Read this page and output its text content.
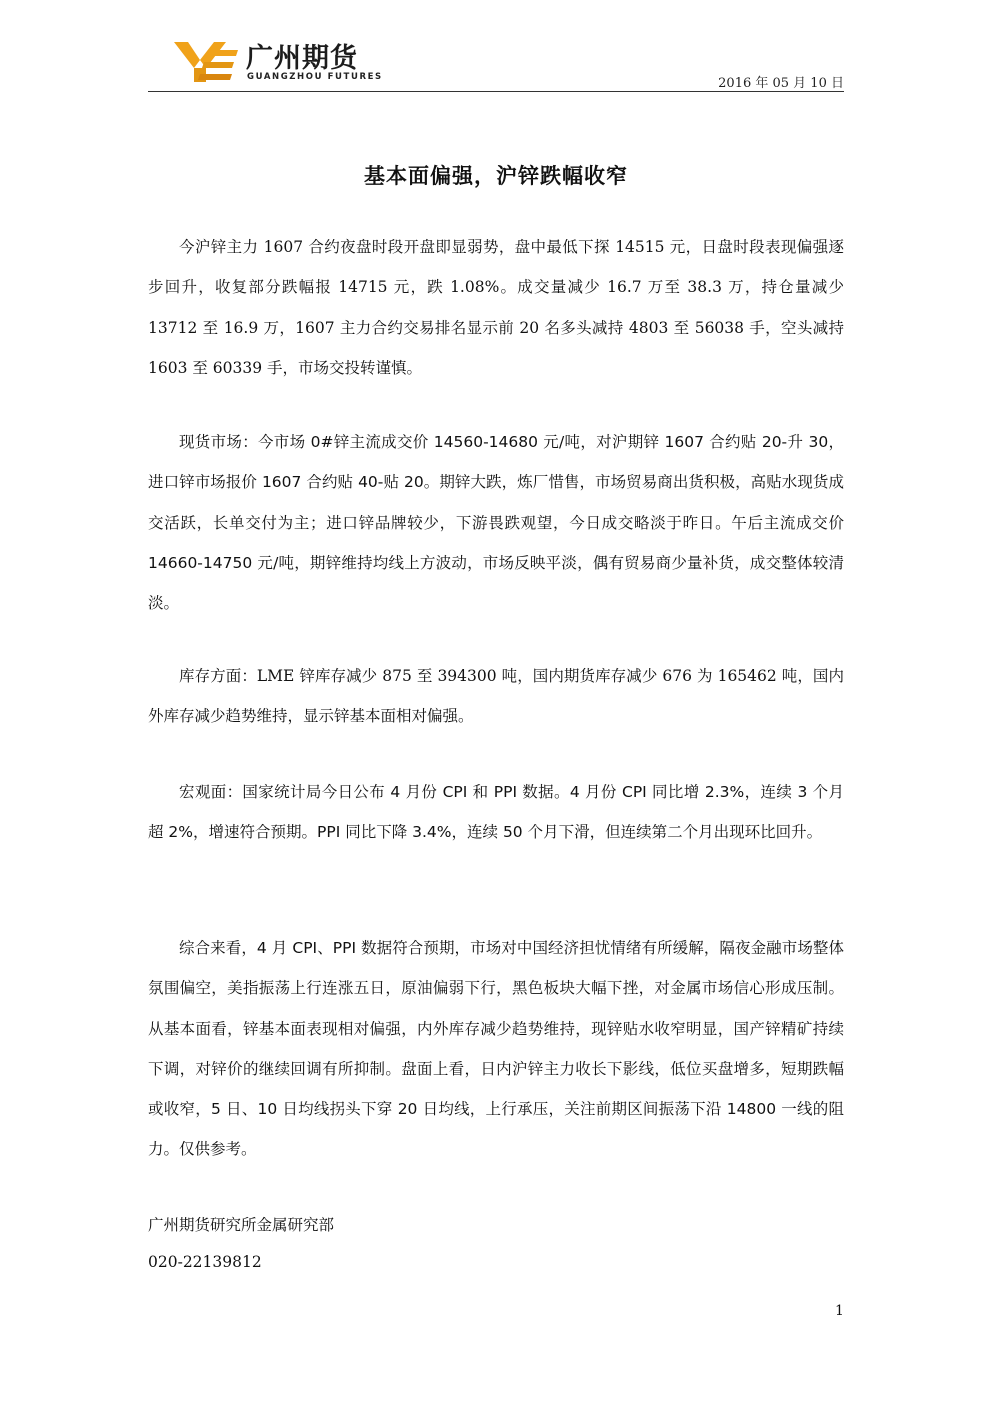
广州期货
GUANGZHOU FUTURES	2016 年 05 月 10 日
基本面偏强，沪锌跌幅收窄

今沪锌主力 1607 合约夜盘时段开盘即显弱势，盘中最低下探 14515 元，日盘时段表现偏强逐步回升，收复部分跌幅报 14715 元，跌 1.08%。成交量减少 16.7 万至 38.3 万，持仓量减少 13712 至 16.9 万，1607 主力合约交易排名显示前 20 名多头减持 4803 至 56038 手，空头减持 1603 至 60339 手，市场交投转谨慎。

现货市场：今市场 0#锌主流成交价 14560-14680 元/吨，对沪期锌 1607 合约贴 20-升 30，进口锌市场报价 1607 合约贴 40-贴 20。期锌大跌，炼厂惜售，市场贸易商出货积极，高贴水现货成交活跃，长单交付为主；进口锌品牌较少，下游畏跌观望，今日成交略淡于昨日。午后主流成交价 14660-14750 元/吨，期锌维持均线上方波动，市场反映平淡，偶有贸易商少量补货，成交整体较清淡。

库存方面：LME 锌库存减少 875 至 394300 吨，国内期货库存减少 676 为 165462 吨，国内外库存减少趋势维持，显示锌基本面相对偏强。

宏观面：国家统计局今日公布 4 月份 CPI 和 PPI 数据。4 月份 CPI 同比增 2.3%，连续 3 个月超 2%，增速符合预期。PPI 同比下降 3.4%，连续 50 个月下滑，但连续第二个月出现环比回升。

综合来看，4 月 CPI、PPI 数据符合预期，市场对中国经济担忧情绪有所缓解，隔夜金融市场整体氛围偏空，美指振荡上行连涨五日，原油偏弱下行，黑色板块大幅下挫，对金属市场信心形成压制。从基本面看，锌基本面表现相对偏强，内外库存减少趋势维持，现锌贴水收窄明显，国产锌精矿持续下调，对锌价的继续回调有所抑制。盘面上看，日内沪锌主力收长下影线，低位买盘增多，短期跌幅或收窄，5 日、10 日均线拐头下穿 20 日均线，上行承压，关注前期区间振荡下沿 14800 一线的阻力。仅供参考。

广州期货研究所金属研究部
020-22139812
1
